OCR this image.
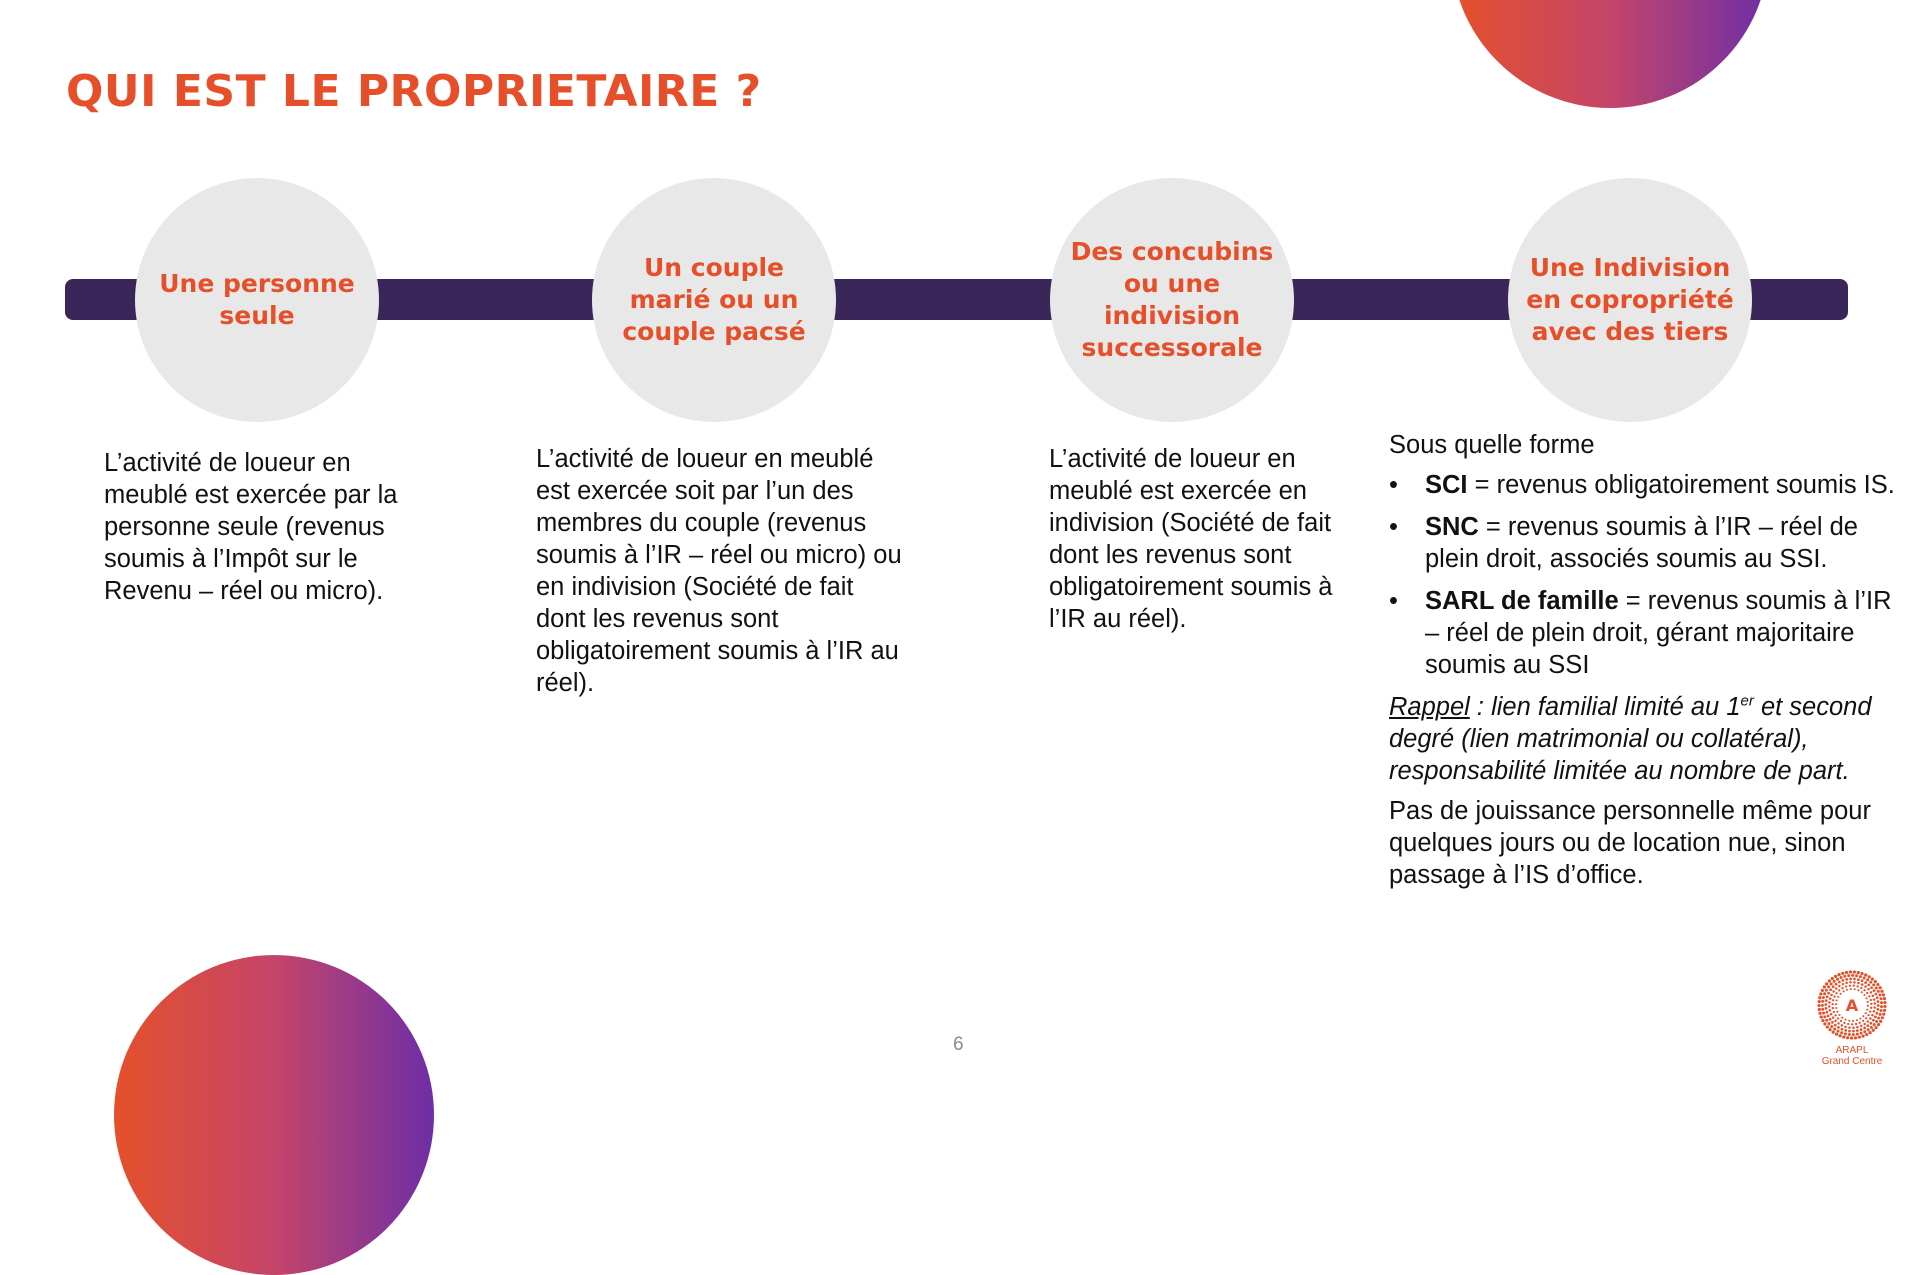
QUI EST LE PROPRIETAIRE ?
Une personne seule
Un couple marié ou un couple pacsé
Des concubins ou une indivision successorale
Une Indivision en copropriété avec des tiers
L’activité de loueur en meublé est exercée par la personne seule (revenus soumis à l’Impôt sur le Revenu – réel ou micro).
L’activité de loueur en meublé est exercée soit par l’un des membres du couple (revenus soumis à l’IR – réel ou micro) ou en indivision (Société de fait dont les revenus sont obligatoirement soumis à l’IR au réel).
L’activité de loueur en meublé est exercée en indivision (Société de fait dont les revenus sont obligatoirement soumis à l’IR au réel).

Sous quelle forme

• SCI = revenus obligatoirement soumis IS.
• SNC = revenus soumis à l’IR – réel de plein droit, associés soumis au SSI.
• SARL de famille = revenus soumis à l’IR – réel de plein droit, gérant majoritaire soumis au SSI

Rappel : lien familial limité au 1er et second degré (lien matrimonial ou collatéral), responsabilité limitée au nombre de part.

Pas de jouissance personnelle même pour quelques jours ou de location nue, sinon passage à l’IS d’office.

6
A
ARAPL
Grand Centre
